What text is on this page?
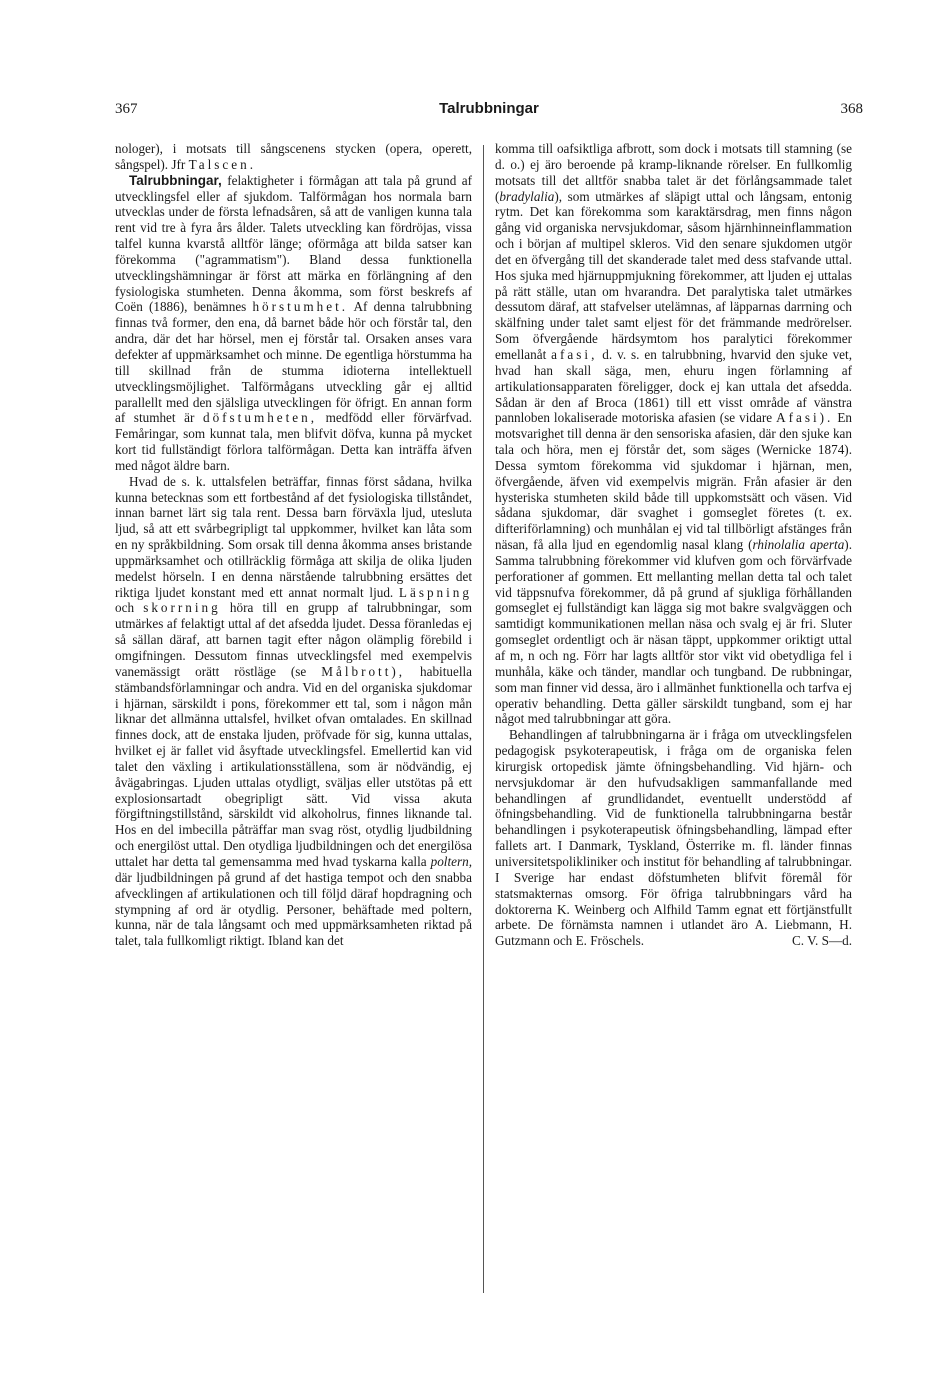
367	Talrubbningar	368

nologer), i motsats till sångscenens stycken (opera, operett, sångspel). Jfr Talscen.

Talrubbningar, felaktigheter i förmågan att tala på grund af utvecklingsfel eller af sjukdom. Talförmågan hos normala barn utvecklas under de första lefnadsåren, så att de vanligen kunna tala rent vid tre à fyra års ålder. Talets utveckling kan fördröjas, vissa talfel kunna kvarstå alltför länge; oförmåga att bilda satser kan förekomma ("agrammatism"). Bland dessa funktionella utvecklingshämningar är först att märka en förlängning af den fysiologiska stumheten. Denna åkomma, som först beskrefs af Coën (1886), benämnes hörstumhet. Af denna talrubbning finnas två former, den ena, då barnet både hör och förstår tal, den andra, där det har hörsel, men ej förstår tal. Orsaken anses vara defekter af uppmärksamhet och minne. De egentliga hörstumma ha till skillnad från de stumma idioterna intellektuell utvecklingsmöjlighet. Talförmågans utveckling går ej alltid parallellt med den själsliga utvecklingen för öfrigt. En annan form af stumhet är döfstumheten, medfödd eller förvärfvad. Femåringar, som kunnat tala, men blifvit döfva, kunna på mycket kort tid fullständigt förlora talförmågan. Detta kan inträffa äfven med något äldre barn.

Hvad de s. k. uttalsfelen beträffar, finnas först sådana, hvilka kunna betecknas som ett fortbestånd af det fysiologiska tillståndet, innan barnet lärt sig tala rent. Dessa barn förväxla ljud, utesluta ljud, så att ett svårbegripligt tal uppkommer, hvilket kan låta som en ny språkbildning. Som orsak till denna åkomma anses bristande uppmärksamhet och otillräcklig förmåga att skilja de olika ljuden medelst hörseln. I en denna närstående talrubbning ersättes det riktiga ljudet konstant med ett annat normalt ljud. Läspning och skorrning höra till en grupp af talrubbningar, som utmärkes af felaktigt uttal af det afsedda ljudet. Dessa föranledas ej så sällan däraf, att barnen tagit efter någon olämplig förebild i omgifningen. Dessutom finnas utvecklingsfel med exempelvis vanemässigt orätt röstläge (se Målbrott), habituella stämbandsförlamningar och andra. Vid en del organiska sjukdomar i hjärnan, särskildt i pons, förekommer ett tal, som i någon mån liknar det allmänna uttalsfel, hvilket ofvan omtalades. En skillnad finnes dock, att de enstaka ljuden, pröfvade för sig, kunna uttalas, hvilket ej är fallet vid åsyftade utvecklingsfel. Emellertid kan vid talet den växling i artikulationsställena, som är nödvändig, ej åvägabringas. Ljuden uttalas otydligt, sväljas eller utstötas på ett explosionsartadt obegripligt sätt. Vid vissa akuta förgiftningstillstånd, särskildt vid alkoholrus, finnes liknande tal. Hos en del imbecilla påträffar man svag röst, otydlig ljudbildning och energilöst uttal. Den otydliga ljudbildningen och det energilösa uttalet har detta tal gemensamma med hvad tyskarna kalla poltern, där ljudbildningen på grund af det hastiga tempot och den snabba afvecklingen af artikulationen och till följd däraf hopdragning och stympning af ord är otydlig. Personer, behäftade med poltern, kunna, när de tala långsamt och med uppmärksamheten riktad på talet, tala fullkomligt riktigt. Ibland kan det

komma till oafsiktliga afbrott, som dock i motsats till stamning (se d. o.) ej äro beroende på kramp-liknande rörelser. En fullkomlig motsats till det alltför snabba talet är det förlångsammade talet (bradylalia), som utmärkes af släpigt uttal och långsam, entonig rytm. Det kan förekomma som karaktärsdrag, men finns någon gång vid organiska nervsjukdomar, såsom hjärnhinneinflammation och i början af multipel skleros. Vid den senare sjukdomen utgör det en öfvergång till det skanderade talet med dess stafvande uttal. Hos sjuka med hjärnuppmjukning förekommer, att ljuden ej uttalas på rätt ställe, utan om hvarandra. Det paralytiska talet utmärkes dessutom däraf, att stafvelser utelämnas, af läpparnas darrning och skälfning under talet samt eljest för det främmande medrörelser. Som öfvergående härdsymtom hos paralytici förekommer emellanåt afasi, d. v. s. en talrubbning, hvarvid den sjuke vet, hvad han skall säga, men, ehuru ingen förlamning af artikulationsapparaten föreligger, dock ej kan uttala det afsedda. Sådan är den af Broca (1861) till ett visst område af vänstra pannloben lokaliserade motoriska afasien (se vidare Afasi). En motsvarighet till denna är den sensoriska afasien, där den sjuke kan tala och höra, men ej förstår det, som säges (Wernicke 1874). Dessa symtom förekomma vid sjukdomar i hjärnan, men, öfvergående, äfven vid exempelvis migrän. Från afasier är den hysteriska stumheten skild både till uppkomstsätt och väsen. Vid sådana sjukdomar, där svaghet i gomseglet företes (t. ex. difteriförlamning) och munhålan ej vid tal tillbörligt afstänges från näsan, få alla ljud en egendomlig nasal klang (rhinolalia aperta). Samma talrubbning förekommer vid klufven gom och förvärfvade perforationer af gommen. Ett mellanting mellan detta tal och talet vid täppsnufva förekommer, då på grund af sjukliga förhållanden gomseglet ej fullständigt kan lägga sig mot bakre svalgväggen och samtidigt kommunikationen mellan näsa och svalg ej är fri. Sluter gomseglet ordentligt och är näsan täppt, uppkommer oriktigt uttal af m, n och ng. Förr har lagts alltför stor vikt vid obetydliga fel i munhåla, käke och tänder, mandlar och tungband. De rubbningar, som man finner vid dessa, äro i allmänhet funktionella och tarfva ej operativ behandling. Detta gäller särskildt tungband, som ej har något med talrubbningar att göra.

Behandlingen af talrubbningarna är i fråga om utvecklingsfelen pedagogisk psykoterapeutisk, i fråga om de organiska felen kirurgisk ortopedisk jämte öfningsbehandling. Vid hjärn- och nervsjukdomar är den hufvudsakligen sammanfallande med behandlingen af grundlidandet, eventuellt understödd af öfningsbehandling. Vid de funktionella talrubbningarna består behandlingen i psykoterapeutisk öfningsbehandling, lämpad efter fallets art. I Danmark, Tyskland, Österrike m. fl. länder finnas universitetspolikliniker och institut för behandling af talrubbningar. I Sverige har endast döfstumheten blifvit föremål för statsmakternas omsorg. För öfriga talrubbningars vård ha doktorerna K. Weinberg och Alfhild Tamm egnat ett förtjänstfullt arbete. De förnämsta namnen i utlandet äro A. Liebmann, H. Gutzmann och E. Fröschels.	C. V. S—d.
